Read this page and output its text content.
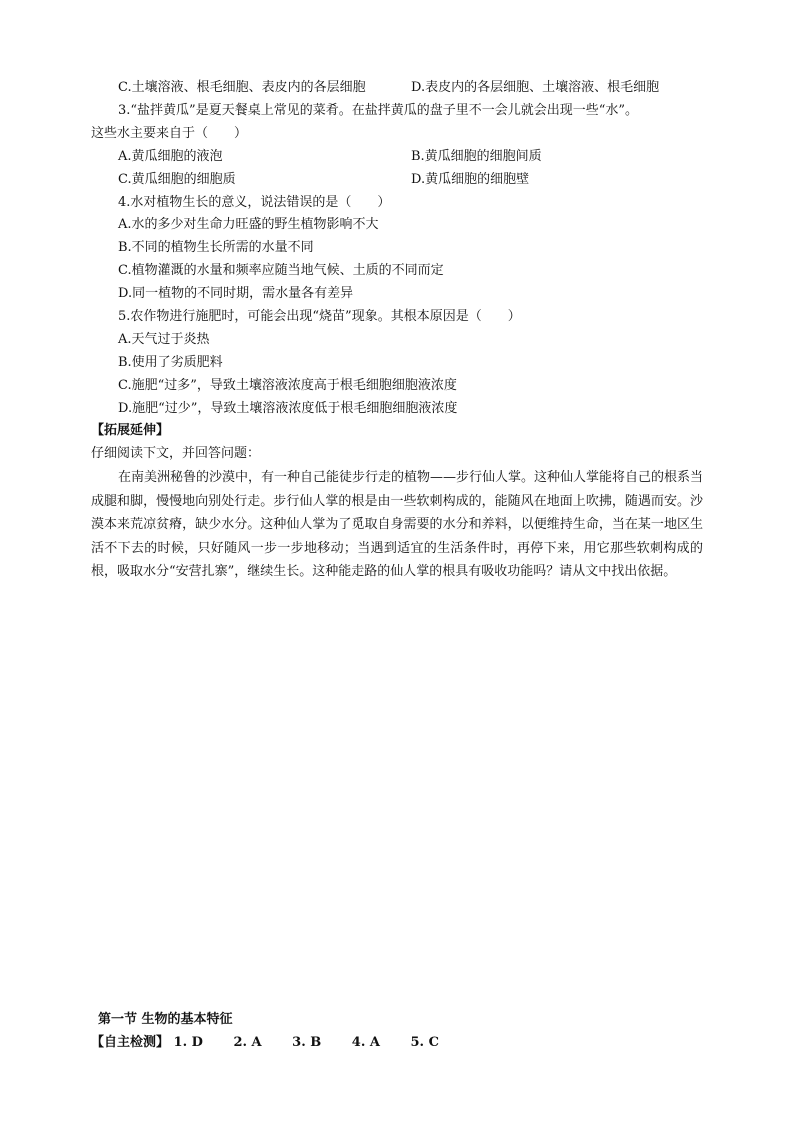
C.土壤溶液、根毛细胞、表皮内的各层细胞	D.表皮内的各层细胞、土壤溶液、根毛细胞
3.“盐拌黄瓜”是夏天餐桌上常见的菜肴。在盐拌黄瓜的盘子里不一会儿就会出现一些“水”。
这些水主要来自于（　　）
A.黄瓜细胞的液泡	B.黄瓜细胞的细胞间质
C.黄瓜细胞的细胞质	D.黄瓜细胞的细胞壁
4.水对植物生长的意义，说法错误的是（　　）
A.水的多少对生命力旺盛的野生植物影响不大
B.不同的植物生长所需的水量不同
C.植物灌溉的水量和频率应随当地气候、土质的不同而定
D.同一植物的不同时期，需水量各有差异
5.农作物进行施肥时，可能会出现“烧苗”现象。其根本原因是（　　）
A.天气过于炎热
B.使用了劣质肥料
C.施肥“过多”，导致土壤溶液浓度高于根毛细胞细胞液浓度
D.施肥“过少”，导致土壤溶液浓度低于根毛细胞细胞液浓度
【拓展延伸】
仔细阅读下文，并回答问题：
在南美洲秘鲁的沙漠中，有一种自己能徒步行走的植物——步行仙人掌。这种仙人掌能将自己的根系当成腿和脚，慢慢地向别处行走。步行仙人掌的根是由一些软刺构成的，能随风在地面上吹拂，随遇而安。沙漠本来荒凉贫瘠，缺少水分。这种仙人掌为了觅取自身需要的水分和养料，以便维持生命，当在某一地区生活不下去的时候，只好随风一步一步地移动；当遇到适宜的生活条件时，再停下来，用它那些软刺构成的根，吸取水分“安营扎寨”，继续生长。这种能走路的仙人掌的根具有吸收功能吗？请从文中找出依据。
第一节 生物的基本特征
【自主检测】 1. D 2. A 3. B 4. A 5. C
